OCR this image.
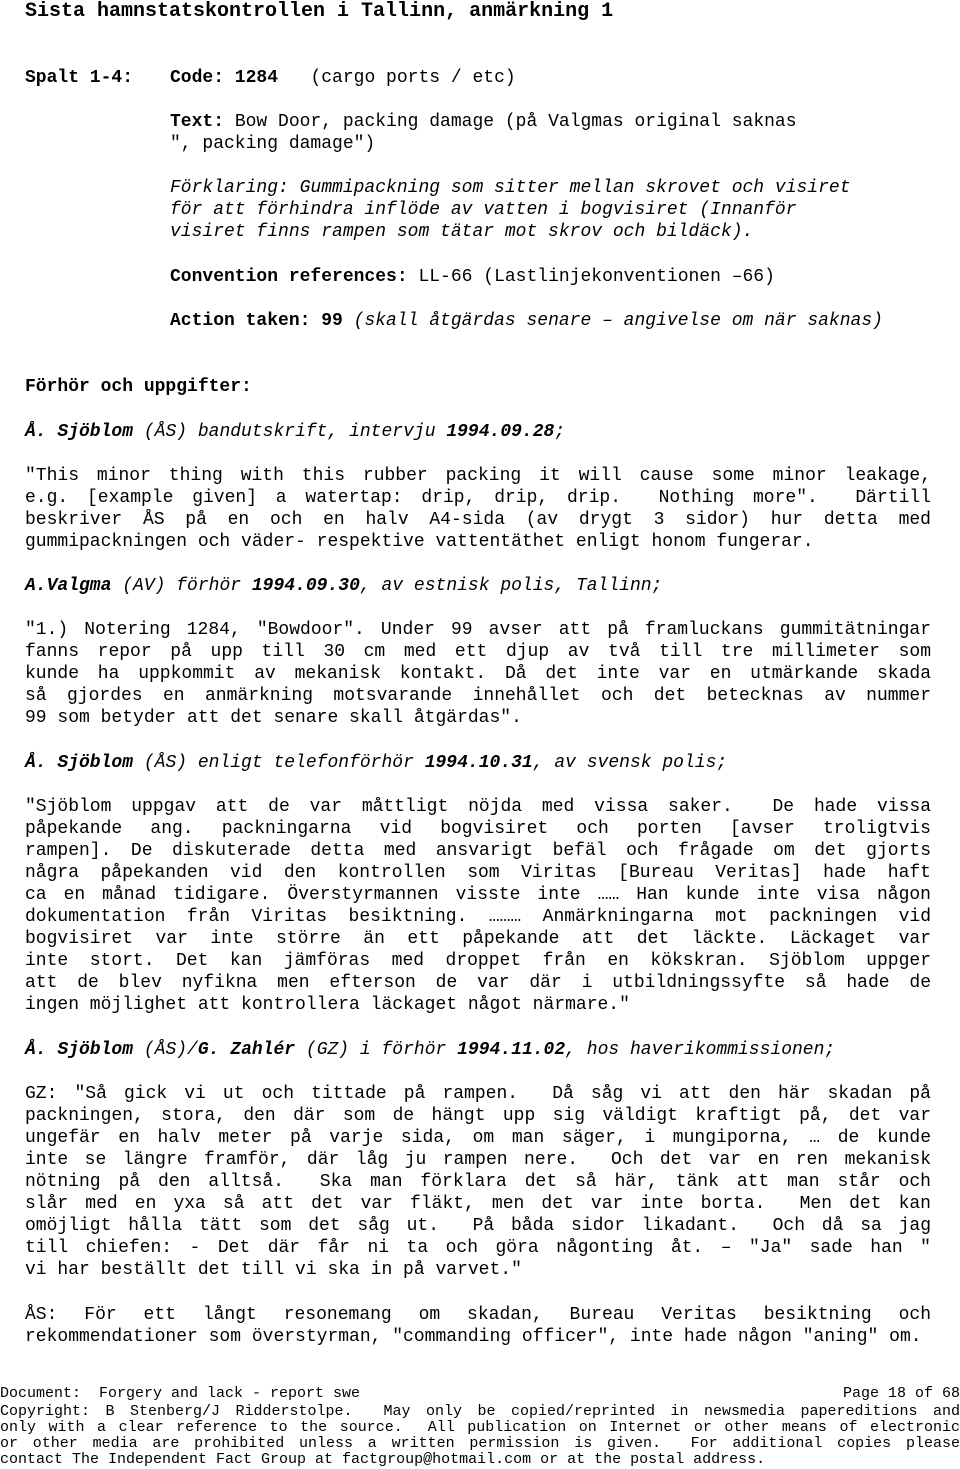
Sista hamnstatskontrollen i Tallinn, anmärkning 1
Spalt 1-4: Code: 1284 (cargo ports / etc)
Text: Bow Door, packing damage (på Valgmas original saknas
", packing damage")
Förklaring: Gummipackning som sitter mellan skrovet och visiret
för att förhindra inflöde av vatten i bogvisiret (Innanför
visiret finns rampen som tätar mot skrov och bildäck).
Convention references: LL-66 (Lastlinjekonventionen –66)
Action taken: 99 (skall åtgärdas senare – angivelse om när saknas)
Förhör och uppgifter:
Å. Sjöblom (ÅS) bandutskrift, intervju 1994.09.28;
"This minor thing with this rubber packing it will cause some minor leakage,
e.g. [example given] a watertap: drip, drip, drip.  Nothing more".  Därtill
beskriver ÅS på en och en halv A4-sida (av drygt 3 sidor) hur detta med
gummipackningen och väder- respektive vattentäthet enligt honom fungerar.
A.Valgma (AV) förhör 1994.09.30, av estnisk polis, Tallinn;
"1.) Notering 1284, "Bowdoor". Under 99 avser att på framluckans gummitätningar
fanns repor på upp till 30 cm med ett djup av två till tre millimeter som
kunde ha uppkommit av mekanisk kontakt. Då det inte var en utmärkande skada
så gjordes en anmärkning motsvarande innehållet och det betecknas av nummer
99 som betyder att det senare skall åtgärdas".
Å. Sjöblom (ÅS) enligt telefonförhör 1994.10.31, av svensk polis;
"Sjöblom uppgav att de var måttligt nöjda med vissa saker.  De hade vissa
påpekande ang. packningarna vid bogvisiret och porten [avser troligtvis
rampen]. De diskuterade detta med ansvarigt befäl och frågade om det gjorts
några påpekanden vid den kontrollen som Viritas [Bureau Veritas] hade haft
ca en månad tidigare. Överstyrmannen visste inte …… Han kunde inte visa någon
dokumentation från Viritas besiktning. ……… Anmärkningarna mot packningen vid
bogvisiret var inte större än ett påpekande att det läckte. Läckaget var
inte stort. Det kan jämföras med droppet från en kökskran. Sjöblom uppger
att de blev nyfikna men efterson de var där i utbildningssyfte så hade de
ingen möjlighet att kontrollera läckaget något närmare."
Å. Sjöblom (ÅS)/G. Zahlér (GZ) i förhör 1994.11.02, hos haverikommissionen;
GZ: "Så gick vi ut och tittade på rampen.  Då såg vi att den här skadan på
packningen, stora, den där som de hängt upp sig väldigt kraftigt på, det var
ungefär en halv meter på varje sida, om man säger, i mungiporna, … de kunde
inte se längre framför, där låg ju rampen nere.  Och det var en ren mekanisk
nötning på den alltså.  Ska man förklara det så här, tänk att man står och
slår med en yxa så att det var fläkt, men det var inte borta.  Men det kan
omöjligt hålla tätt som det såg ut.  På båda sidor likadant.  Och då sa jag
till chiefen: - Det där får ni ta och göra någonting åt. – "Ja" sade han "
vi har beställt det till vi ska in på varvet."
ÅS: För ett långt resonemang om skadan, Bureau Veritas besiktning och
rekommendationer som överstyrman, "commanding officer", inte hade någon "aning" om.
Document:  Forgery and lack - report swe	Page 18 of 68
Copyright: B Stenberg/J Ridderstolpe.  May only be copied/reprinted in newsmedia papereditions and
only with a clear reference to the source.  All publication on Internet or other means of electronic
or other media are prohibited unless a written permission is given.  For additional copies please
contact The Independent Fact Group at factgroup@hotmail.com or at the postal address.
